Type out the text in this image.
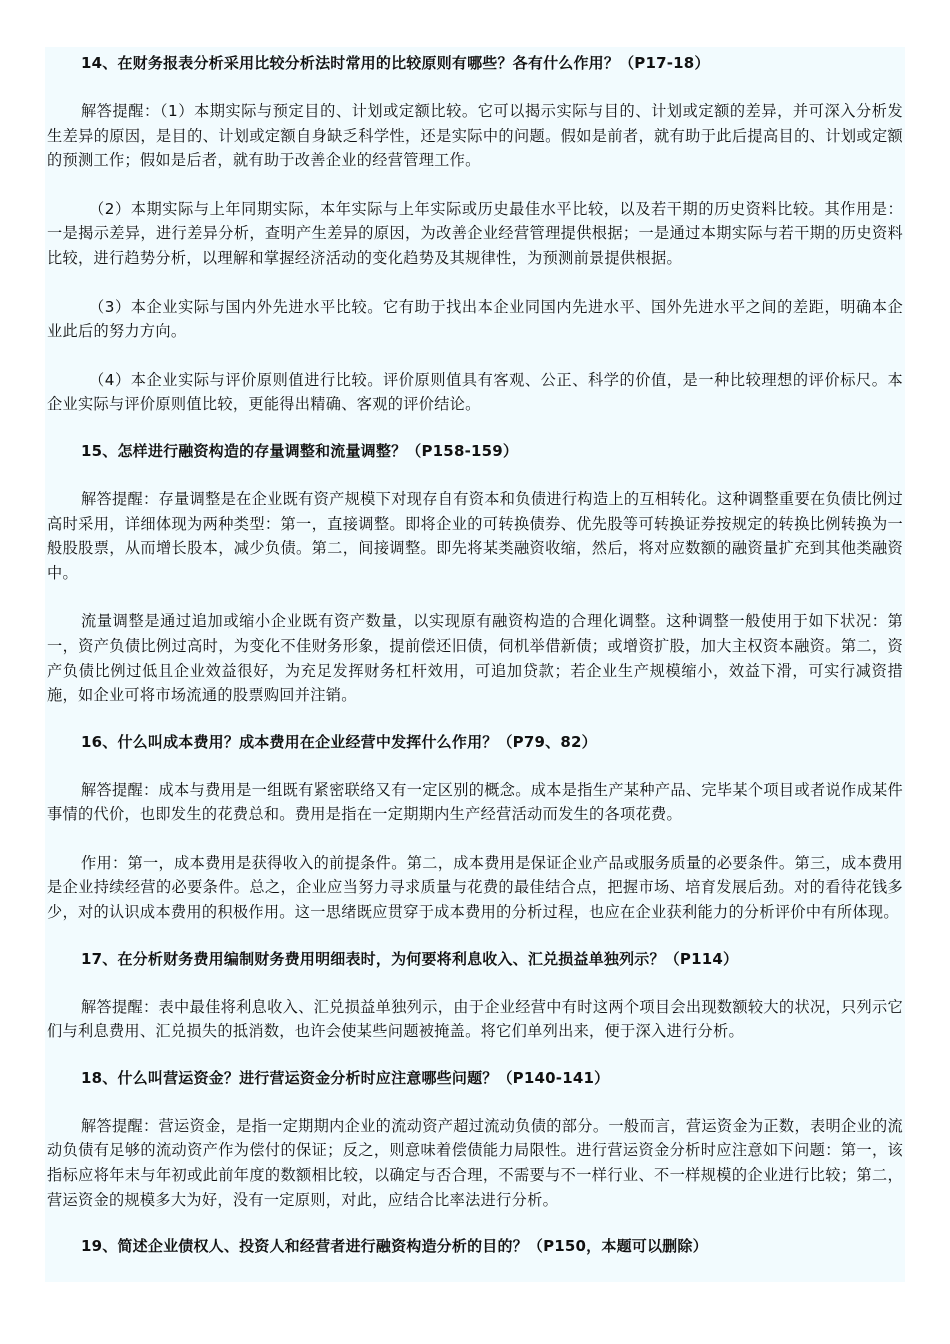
14、在财务报表分析采用比较分析法时常用的比较原则有哪些？各有什么作用？（P17-18）

解答提醒：（1）本期实际与预定目的、计划或定额比较。它可以揭示实际与目的、计划或定额的差异，并可深入分析发生差异的原因，是目的、计划或定额自身缺乏科学性，还是实际中的问题。假如是前者，就有助于此后提高目的、计划或定额的预测工作；假如是后者，就有助于改善企业的经营管理工作。

（2）本期实际与上年同期实际，本年实际与上年实际或历史最佳水平比较，以及若干期的历史资料比较。其作用是：一是揭示差异，进行差异分析，查明产生差异的原因，为改善企业经营管理提供根据；一是通过本期实际与若干期的历史资料比较，进行趋势分析，以理解和掌握经济活动的变化趋势及其规律性，为预测前景提供根据。

（3）本企业实际与国内外先进水平比较。它有助于找出本企业同国内先进水平、国外先进水平之间的差距，明确本企业此后的努力方向。

（4）本企业实际与评价原则值进行比较。评价原则值具有客观、公正、科学的价值，是一种比较理想的评价标尺。本企业实际与评价原则值比较，更能得出精确、客观的评价结论。

15、怎样进行融资构造的存量调整和流量调整？（P158-159）

解答提醒：存量调整是在企业既有资产规模下对现存自有资本和负债进行构造上的互相转化。这种调整重要在负债比例过高时采用，详细体现为两种类型：第一，直接调整。即将企业的可转换债券、优先股等可转换证券按规定的转换比例转换为一般股股票，从而增长股本，减少负债。第二，间接调整。即先将某类融资收缩，然后，将对应数额的融资量扩充到其他类融资中。

流量调整是通过追加或缩小企业既有资产数量，以实现原有融资构造的合理化调整。这种调整一般使用于如下状况：第一，资产负债比例过高时，为变化不佳财务形象，提前偿还旧债，伺机举借新债；或增资扩股，加大主权资本融资。第二，资产负债比例过低且企业效益很好，为充足发挥财务杠杆效用，可追加贷款；若企业生产规模缩小，效益下滑，可实行减资措施，如企业可将市场流通的股票购回并注销。

16、什么叫成本费用？成本费用在企业经营中发挥什么作用？（P79、82）

解答提醒：成本与费用是一组既有紧密联络又有一定区别的概念。成本是指生产某种产品、完毕某个项目或者说作成某件事情的代价，也即发生的花费总和。费用是指在一定期期内生产经营活动而发生的各项花费。

作用：第一，成本费用是获得收入的前提条件。第二，成本费用是保证企业产品或服务质量的必要条件。第三，成本费用是企业持续经营的必要条件。总之，企业应当努力寻求质量与花费的最佳结合点，把握市场、培育发展后劲。对的看待花钱多少，对的认识成本费用的积极作用。这一思绪既应贯穿于成本费用的分析过程，也应在企业获利能力的分析评价中有所体现。

17、在分析财务费用编制财务费用明细表时，为何要将利息收入、汇兑损益单独列示？（P114）

解答提醒：表中最佳将利息收入、汇兑损益单独列示，由于企业经营中有时这两个项目会出现数额较大的状况，只列示它们与利息费用、汇兑损失的抵消数，也许会使某些问题被掩盖。将它们单列出来，便于深入进行分析。

18、什么叫营运资金？进行营运资金分析时应注意哪些问题？（P140-141）

解答提醒：营运资金，是指一定期期内企业的流动资产超过流动负债的部分。一般而言，营运资金为正数，表明企业的流动负债有足够的流动资产作为偿付的保证；反之，则意味着偿债能力局限性。进行营运资金分析时应注意如下问题：第一，该指标应将年末与年初或此前年度的数额相比较，以确定与否合理，不需要与不一样行业、不一样规模的企业进行比较；第二，营运资金的规模多大为好，没有一定原则，对此，应结合比率法进行分析。

19、简述企业债权人、投资人和经营者进行融资构造分析的目的？（P150，本题可以删除）
